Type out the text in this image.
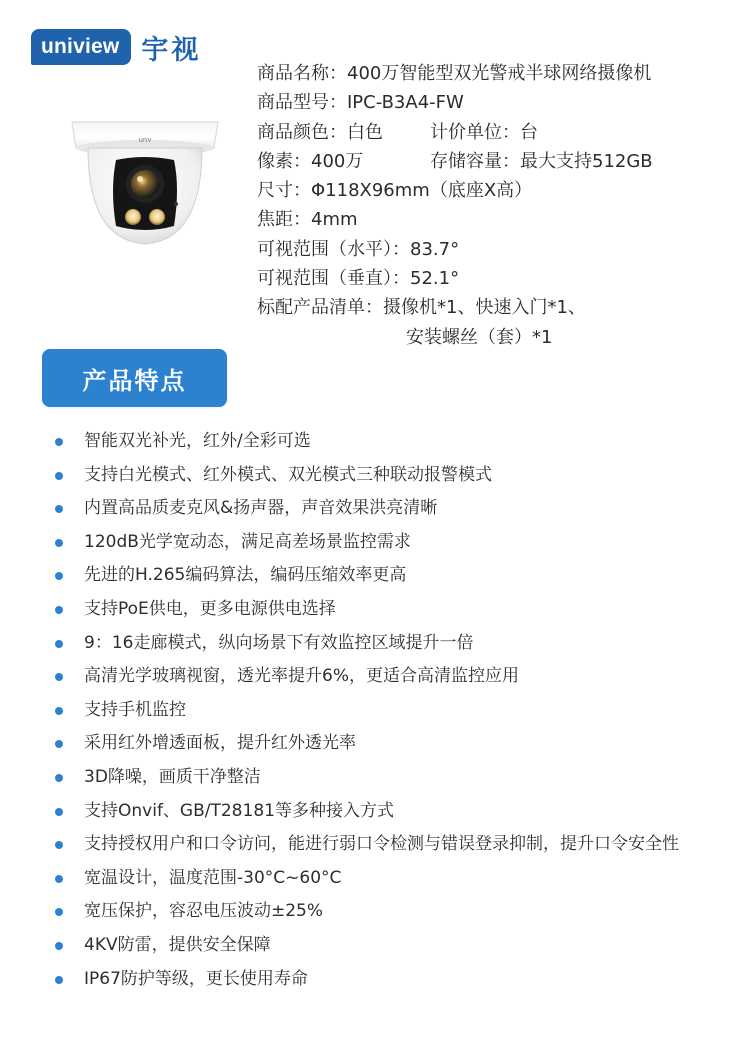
uniview 宇视
unv
商品名称：400万智能型双光警戒半球网络摄像机
商品型号：IPC-B3A4-FW
商品颜色：白色	计价单位：台
像素：400万	存储容量：最大支持512GB
尺寸：Φ118X96mm（底座X高）
焦距：4mm
可视范围（水平）：83.7°
可视范围（垂直）：52.1°
标配产品清单：摄像机*1、快速入门*1、
安装螺丝（套）*1
产品特点
智能双光补光，红外/全彩可选
支持白光模式、红外模式、双光模式三种联动报警模式
内置高品质麦克风&扬声器，声音效果洪亮清晰
120dB光学宽动态，满足高差场景监控需求
先进的H.265编码算法，编码压缩效率更高
支持PoE供电，更多电源供电选择
9：16走廊模式，纵向场景下有效监控区域提升一倍
高清光学玻璃视窗，透光率提升6%，更适合高清监控应用
支持手机监控
采用红外增透面板，提升红外透光率
3D降噪，画质干净整洁
支持Onvif、GB/T28181等多种接入方式
支持授权用户和口令访问，能进行弱口令检测与错误登录抑制，提升口令安全性
宽温设计，温度范围-30°C~60°C
宽压保护，容忍电压波动±25%
4KV防雷，提供安全保障
IP67防护等级，更长使用寿命
